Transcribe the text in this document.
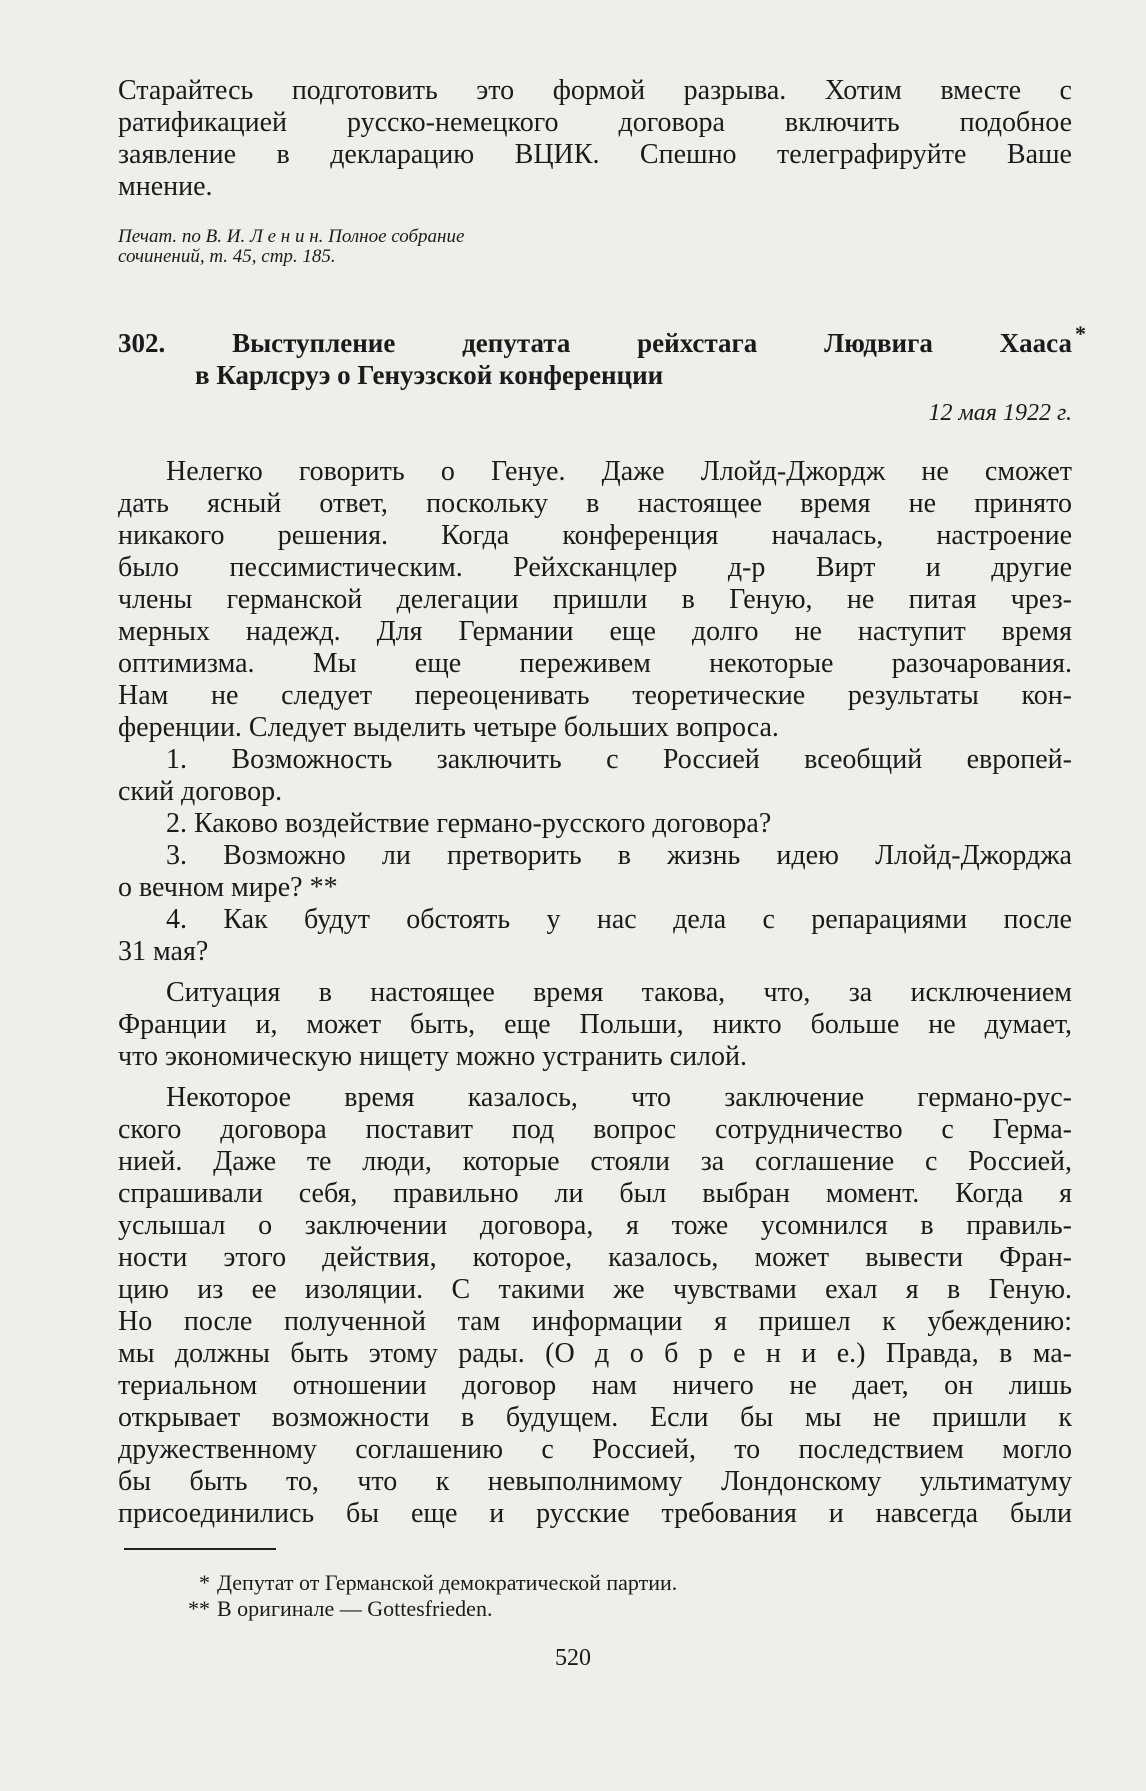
Старайтесь подготовить это формой разрыва. Хотим вместе с
ратификацией русско-немецкого договора включить подобное
заявление в декларацию ВЦИК. Спешно телеграфируйте Ваше
мнение.
Печат. по В. И. Л е н и н. Полное собрание
сочинений, т. 45, стр. 185.
302. Выступление депутата рейхстага Людвига Хааса *
в Карлсруэ о Генуэзской конференции
12 мая 1922 г.
Нелегко говорить о Генуе. Даже Ллойд-Джордж не сможет
дать ясный ответ, поскольку в настоящее время не принято
никакого решения. Когда конференция началась, настроение
было пессимистическим. Рейхсканцлер д-р Вирт и другие
члены германской делегации пришли в Геную, не питая чрез-
мерных надежд. Для Германии еще долго не наступит время
оптимизма. Мы еще переживем некоторые разочарования.
Нам не следует переоценивать теоретические результаты кон-
ференции. Следует выделить четыре больших вопроса.
1. Возможность заключить с Россией всеобщий европей-
ский договор.
2. Каково воздействие германо-русского договора?
3. Возможно ли претворить в жизнь идею Ллойд-Джорджа
о вечном мире? **
4. Как будут обстоять у нас дела с репарациями после
31 мая?
Ситуация в настоящее время такова, что, за исключением
Франции и, может быть, еще Польши, никто больше не думает,
что экономическую нищету можно устранить силой.
Некоторое время казалось, что заключение германо-рус-
ского договора поставит под вопрос сотрудничество с Герма-
нией. Даже те люди, которые стояли за соглашение с Россией,
спрашивали себя, правильно ли был выбран момент. Когда я
услышал о заключении договора, я тоже усомнился в правиль-
ности этого действия, которое, казалось, может вывести Фран-
цию из ее изоляции. С такими же чувствами ехал я в Геную.
Но после полученной там информации я пришел к убеждению:
мы должны быть этому рады. (О д о б р е н и е.) Правда, в ма-
териальном отношении договор нам ничего не дает, он лишь
открывает возможности в будущем. Если бы мы не пришли к
дружественному соглашению с Россией, то последствием могло
бы быть то, что к невыполнимому Лондонскому ультиматуму
присоединились бы еще и русские требования и навсегда были
* Депутат от Германской демократической партии.
** В оригинале — Gottesfrieden.
520
